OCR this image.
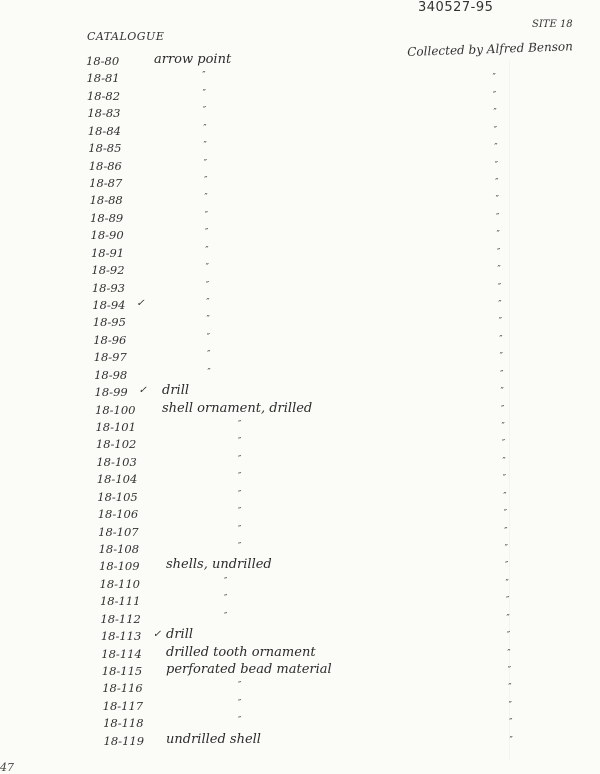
340527-95
SITE 18
CATALOGUE
Collected by Alfred Benson
18-80	arrow point
18-81	″	″
18-82	″	″
18-83	″	″
18-84	″	″
18-85	″	″
18-86	″	″
18-87	″	″
18-88	″	″
18-89	″	″
18-90	″	″
18-91	″	″
18-92	″	″
18-93	″	″
18-94 ✓	″	″
18-95	″	″
18-96	″	″
18-97	″	″
18-98	″	″
18-99 ✓ drill	″
18-100 shell ornament, drilled	″
18-101	″	″
18-102	″	″
18-103	″	″
18-104	″	″
18-105	″	″
18-106	″	″
18-107	″	″
18-108	″	″
18-109 shells, undrilled	″
18-110	″	″
18-111	″	″
18-112	″	″
18-113 ✓ drill	″
18-114 drilled tooth ornament	″
18-115 perforated bead material	″
18-116	″	″
18-117	″	″
18-118	″	″
18-119 undrilled shell	″
47
